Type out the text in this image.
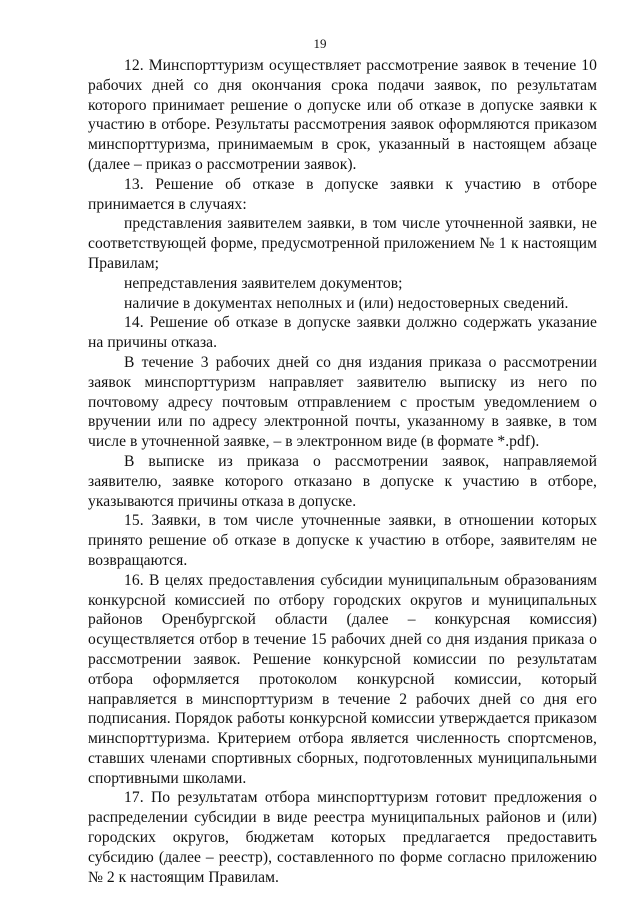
19

12. Минспорттуризм осуществляет рассмотрение заявок в течение 10 рабочих дней со дня окончания срока подачи заявок, по результатам которого принимает решение о допуске или об отказе в допуске заявки к участию в отборе. Результаты рассмотрения заявок оформляются приказом минспорттуризма, принимаемым в срок, указанный в настоящем абзаце (далее – приказ о рассмотрении заявок).

13. Решение об отказе в допуске заявки к участию в отборе принимается в случаях:

представления заявителем заявки, в том числе уточненной заявки, не соответствующей форме, предусмотренной приложением № 1 к настоящим Правилам;

непредставления заявителем документов;

наличие в документах неполных и (или) недостоверных сведений.

14. Решение об отказе в допуске заявки должно содержать указание на причины отказа.

В течение 3 рабочих дней со дня издания приказа о рассмотрении заявок минспорттуризм направляет заявителю выписку из него по почтовому адресу почтовым отправлением с простым уведомлением о вручении или по адресу электронной почты, указанному в заявке, в том числе в уточненной заявке, – в электронном виде (в формате *.pdf).

В выписке из приказа о рассмотрении заявок, направляемой заявителю, заявке которого отказано в допуске к участию в отборе, указываются причины отказа в допуске.

15. Заявки, в том числе уточненные заявки, в отношении которых принято решение об отказе в допуске к участию в отборе, заявителям не возвращаются.

16. В целях предоставления субсидии муниципальным образованиям конкурсной комиссией по отбору городских округов и муниципальных районов Оренбургской области (далее – конкурсная комиссия) осуществляется отбор в течение 15 рабочих дней со дня издания приказа о рассмотрении заявок. Решение конкурсной комиссии по результатам отбора оформляется протоколом конкурсной комиссии, который направляется в минспорттуризм в течение 2 рабочих дней со дня его подписания. Порядок работы конкурсной комиссии утверждается приказом минспорттуризма. Критерием отбора является численность спортсменов, ставших членами спортивных сборных, подготовленных муниципальными спортивными школами.

17. По результатам отбора минспорттуризм готовит предложения о распределении субсидии в виде реестра муниципальных районов и (или) городских округов, бюджетам которых предлагается предоставить субсидию (далее – реестр), составленного по форме согласно приложению № 2 к настоящим Правилам.
